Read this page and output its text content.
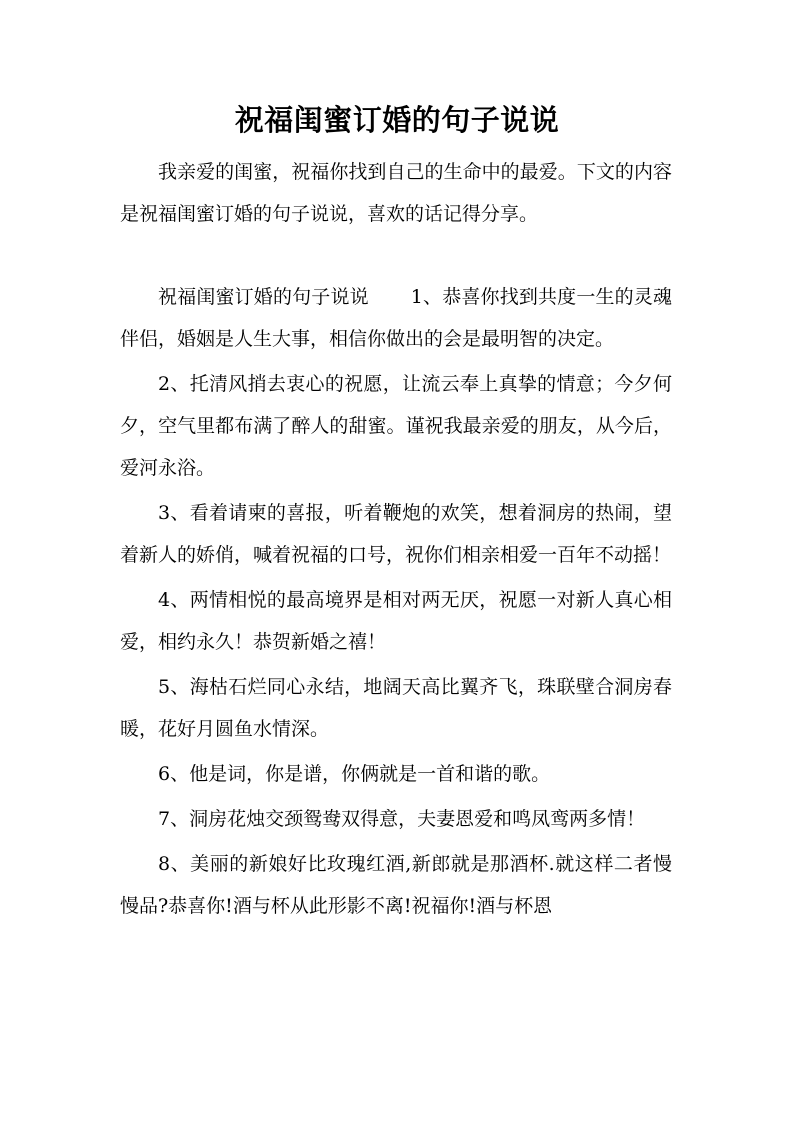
祝福闺蜜订婚的句子说说

我亲爱的闺蜜，祝福你找到自己的生命中的最爱。下文的内容是祝福闺蜜订婚的句子说说，喜欢的话记得分享。

祝福闺蜜订婚的句子说说 1、恭喜你找到共度一生的灵魂伴侣，婚姻是人生大事，相信你做出的会是最明智的决定。

2、托清风捎去衷心的祝愿，让流云奉上真挚的情意；今夕何夕，空气里都布满了醉人的甜蜜。谨祝我最亲爱的朋友，从今后，爱河永浴。

3、看着请柬的喜报，听着鞭炮的欢笑，想着洞房的热闹，望着新人的娇俏，喊着祝福的口号，祝你们相亲相爱一百年不动摇！

4、两情相悦的最高境界是相对两无厌，祝愿一对新人真心相爱，相约永久！恭贺新婚之禧！

5、海枯石烂同心永结，地阔天高比翼齐飞，珠联壁合洞房春暖，花好月圆鱼水情深。

6、他是词，你是谱，你俩就是一首和谐的歌。

7、洞房花烛交颈鸳鸯双得意，夫妻恩爱和鸣凤鸾两多情！

8、美丽的新娘好比玫瑰红酒,新郎就是那酒杯.就这样二者慢慢品?恭喜你!酒与杯从此形影不离!祝福你!酒与杯恩
